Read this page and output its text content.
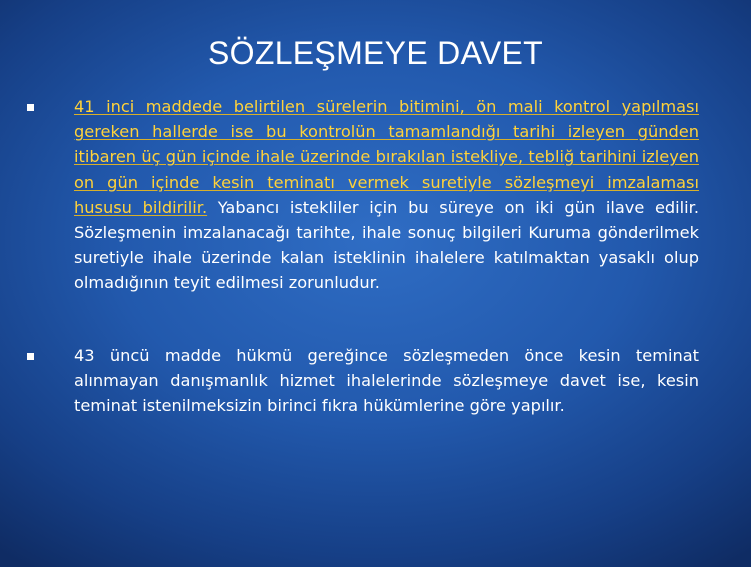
SÖZLEŞMEYE DAVET
41 inci maddede belirtilen sürelerin bitimini, ön mali kontrol yapılması gereken hallerde ise bu kontrolün tamamlandığı tarihi izleyen günden itibaren üç gün içinde ihale üzerinde bırakılan istekliye, tebliğ tarihini izleyen on gün içinde kesin teminatı vermek suretiyle sözleşmeyi imzalaması hususu bildirilir. Yabancı istekliler için bu süreye on iki gün ilave edilir. Sözleşmenin imzalanacağı tarihte, ihale sonuç bilgileri Kuruma gönderilmek suretiyle ihale üzerinde kalan isteklinin ihalelere katılmaktan yasaklı olup olmadığının teyit edilmesi zorunludur.
43 üncü madde hükmü gereğince sözleşmeden önce kesin teminat alınmayan danışmanlık hizmet ihalelerinde sözleşmeye davet ise, kesin teminat istenilmeksizin birinci fıkra hükümlerine göre yapılır.
